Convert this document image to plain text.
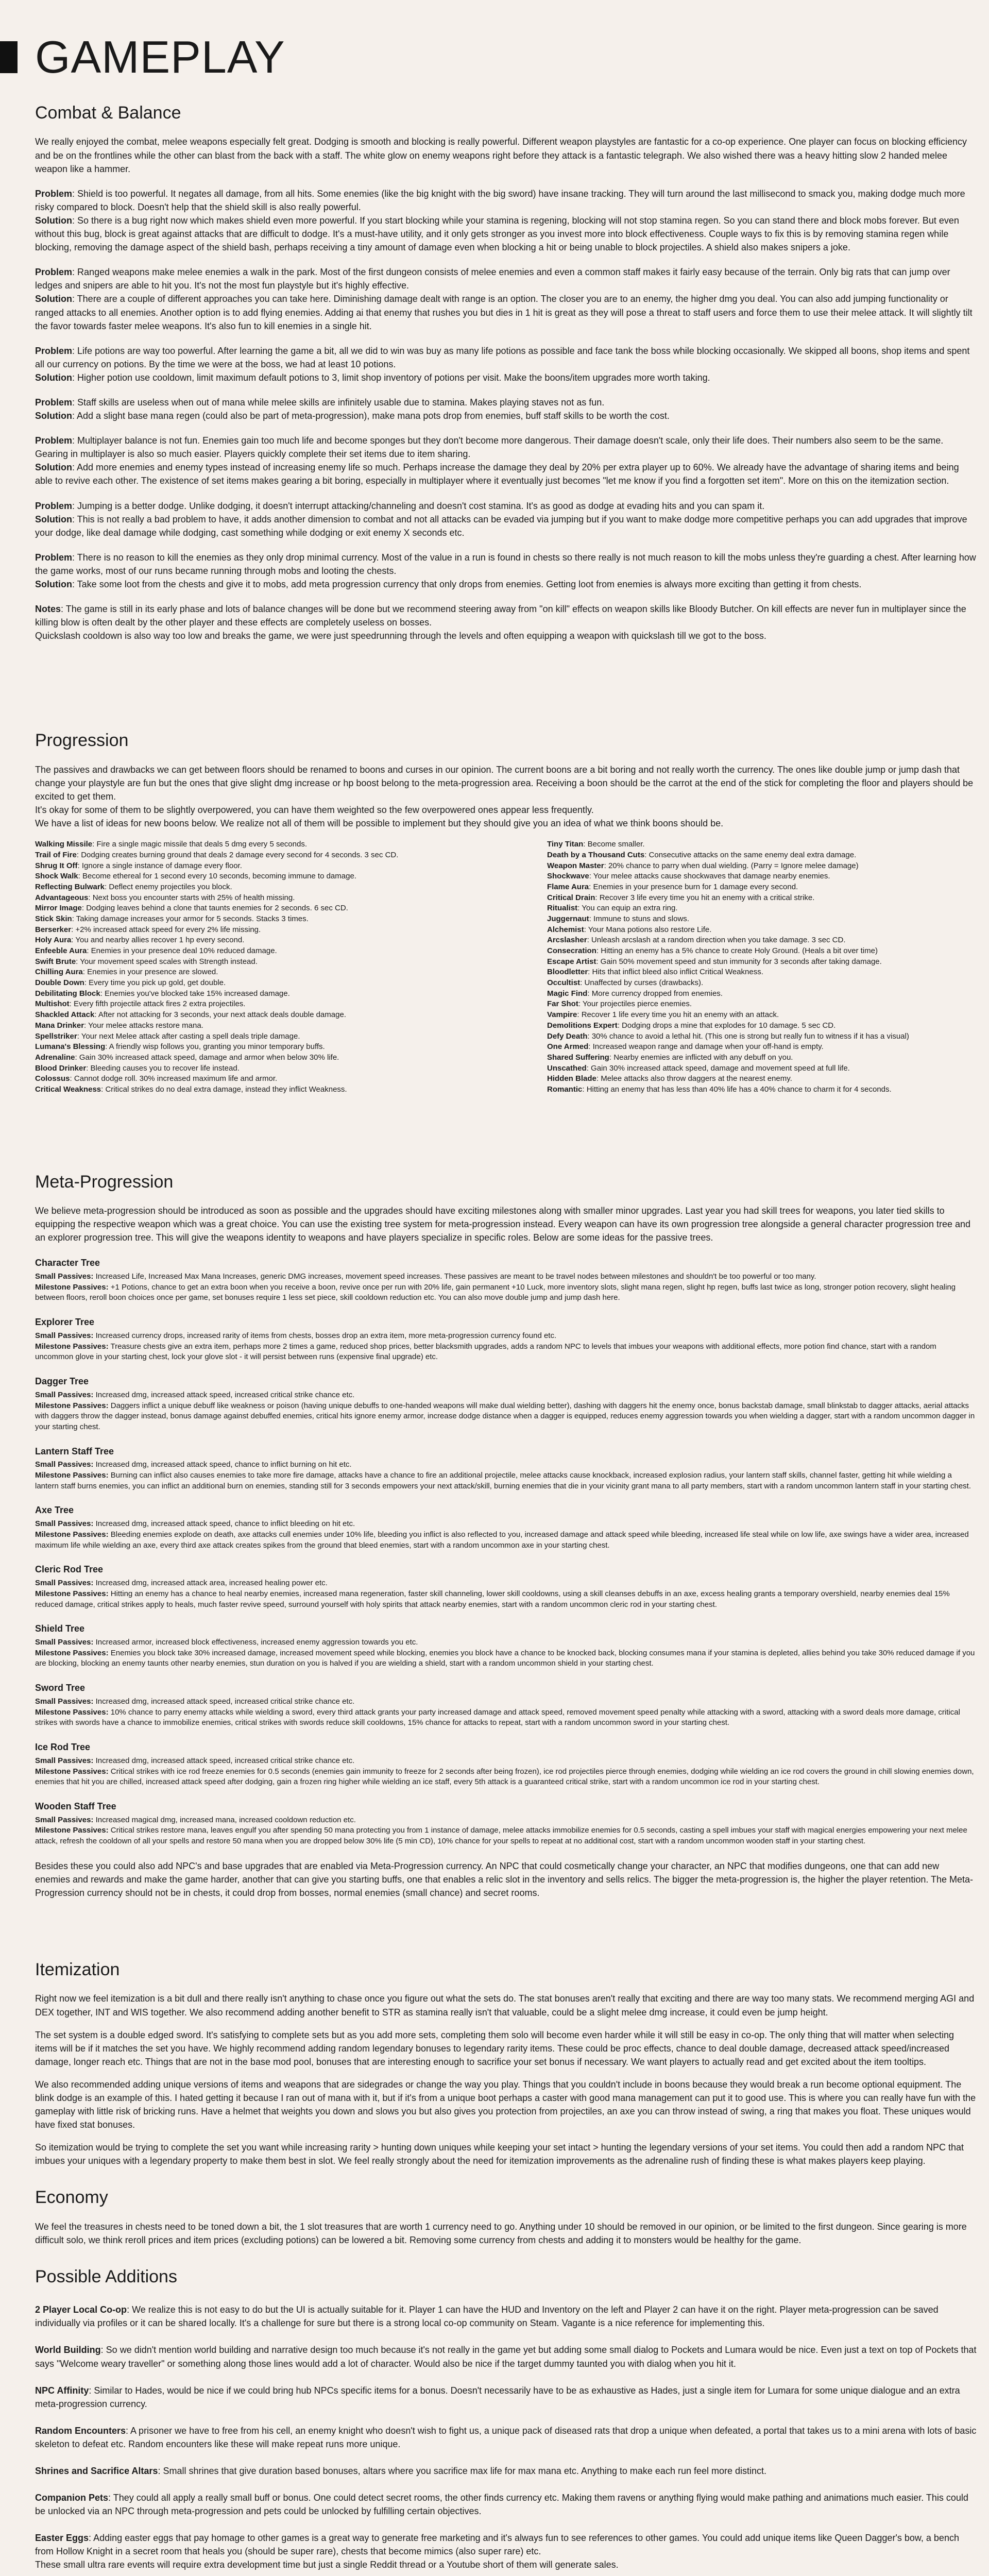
GAMEPLAY
Combat & Balance

We really enjoyed the combat, melee weapons especially felt great. Dodging is smooth and blocking is really powerful. Different weapon playstyles are fantastic for a co-op experience. One player can focus on blocking efficiency and be on the frontlines while the other can blast from the back with a staff. The white glow on enemy weapons right before they attack is a fantastic telegraph. We also wished there was a heavy hitting slow 2 handed melee weapon like a hammer.

Problem: Shield is too powerful. It negates all damage, from all hits. Some enemies (like the big knight with the big sword) have insane tracking. They will turn around the last millisecond to smack you, making dodge much more risky compared to block. Doesn't help that the shield skill is also really powerful.

Solution: So there is a bug right now which makes shield even more powerful. If you start blocking while your stamina is regening, blocking will not stop stamina regen. So you can stand there and block mobs forever. But even without this bug, block is great against attacks that are difficult to dodge. It's a must-have utility, and it only gets stronger as you invest more into block effectiveness. Couple ways to fix this is by removing stamina regen while blocking, removing the damage aspect of the shield bash, perhaps receiving a tiny amount of damage even when blocking a hit or being unable to block projectiles. A shield also makes snipers a joke.

Problem: Ranged weapons make melee enemies a walk in the park. Most of the first dungeon consists of melee enemies and even a common staff makes it fairly easy because of the terrain. Only big rats that can jump over ledges and snipers are able to hit you. It's not the most fun playstyle but it's highly effective.

Solution: There are a couple of different approaches you can take here. Diminishing damage dealt with range is an option. The closer you are to an enemy, the higher dmg you deal. You can also add jumping functionality or ranged attacks to all enemies. Another option is to add flying enemies. Adding ai that enemy that rushes you but dies in 1 hit is great as they will pose a threat to staff users and force them to use their melee attack. It will slightly tilt the favor towards faster melee weapons. It's also fun to kill enemies in a single hit.

Problem: Life potions are way too powerful. After learning the game a bit, all we did to win was buy as many life potions as possible and face tank the boss while blocking occasionally. We skipped all boons, shop items and spent all our currency on potions. By the time we were at the boss, we had at least 10 potions.

Solution: Higher potion use cooldown, limit maximum default potions to 3, limit shop inventory of potions per visit. Make the boons/item upgrades more worth taking.

Problem: Staff skills are useless when out of mana while melee skills are infinitely usable due to stamina. Makes playing staves not as fun.

Solution: Add a slight base mana regen (could also be part of meta-progression), make mana pots drop from enemies, buff staff skills to be worth the cost.

Problem: Multiplayer balance is not fun. Enemies gain too much life and become sponges but they don't become more dangerous. Their damage doesn't scale, only their life does. Their numbers also seem to be the same. Gearing in multiplayer is also so much easier. Players quickly complete their set items due to item sharing.

Solution: Add more enemies and enemy types instead of increasing enemy life so much. Perhaps increase the damage they deal by 20% per extra player up to 60%. We already have the advantage of sharing items and being able to revive each other. The existence of set items makes gearing a bit boring, especially in multiplayer where it eventually just becomes "let me know if you find a forgotten set item". More on this on the itemization section.

Problem: Jumping is a better dodge. Unlike dodging, it doesn't interrupt attacking/channeling and doesn't cost stamina. It's as good as dodge at evading hits and you can spam it.

Solution: This is not really a bad problem to have, it adds another dimension to combat and not all attacks can be evaded via jumping but if you want to make dodge more competitive perhaps you can add upgrades that improve your dodge, like deal damage while dodging, cast something while dodging or exit enemy X seconds etc.

Problem: There is no reason to kill the enemies as they only drop minimal currency. Most of the value in a run is found in chests so there really is not much reason to kill the mobs unless they're guarding a chest. After learning how the game works, most of our runs became running through mobs and looting the chests.

Solution: Take some loot from the chests and give it to mobs, add meta progression currency that only drops from enemies. Getting loot from enemies is always more exciting than getting it from chests.

Notes: The game is still in its early phase and lots of balance changes will be done but we recommend steering away from "on kill" effects on weapon skills like Bloody Butcher. On kill effects are never fun in multiplayer since the killing blow is often dealt by the other player and these effects are completely useless on bosses.

Quickslash cooldown is also way too low and breaks the game, we were just speedrunning through the levels and often equipping a weapon with quickslash till we got to the boss.

Progression

The passives and drawbacks we can get between floors should be renamed to boons and curses in our opinion. The current boons are a bit boring and not really worth the currency. The ones like double jump or jump dash that change your playstyle are fun but the ones that give slight dmg increase or hp boost belong to the meta-progression area. Receiving a boon should be the carrot at the end of the stick for completing the floor and players should be excited to get them.

It's okay for some of them to be slightly overpowered, you can have them weighted so the few overpowered ones appear less frequently.

We have a list of ideas for new boons below. We realize not all of them will be possible to implement but they should give you an idea of what we think boons should be.

Walking Missile: Fire a single magic missile that deals 5 dmg every 5 seconds.
Trail of Fire: Dodging creates burning ground that deals 2 damage every second for 4 seconds. 3 sec CD.
Shrug It Off: Ignore a single instance of damage every floor.
Shock Walk: Become ethereal for 1 second every 10 seconds, becoming immune to damage.
Reflecting Bulwark: Deflect enemy projectiles you block.
Advantageous: Next boss you encounter starts with 25% of health missing.
Mirror Image: Dodging leaves behind a clone that taunts enemies for 2 seconds. 6 sec CD.
Stick Skin: Taking damage increases your armor for 5 seconds. Stacks 3 times.
Berserker: +2% increased attack speed for every 2% life missing.
Holy Aura: You and nearby allies recover 1 hp every second.
Enfeeble Aura: Enemies in your presence deal 10% reduced damage.
Swift Brute: Your movement speed scales with Strength instead.
Chilling Aura: Enemies in your presence are slowed.
Double Down: Every time you pick up gold, get double.
Debilitating Block: Enemies you've blocked take 15% increased damage.
Multishot: Every fifth projectile attack fires 2 extra projectiles.
Shackled Attack: After not attacking for 3 seconds, your next attack deals double damage.
Mana Drinker: Your melee attacks restore mana.
Spellstriker: Your next Melee attack after casting a spell deals triple damage.
Lumana's Blessing: A friendly wisp follows you, granting you minor temporary buffs.
Adrenaline: Gain 30% increased attack speed, damage and armor when below 30% life.
Blood Drinker: Bleeding causes you to recover life instead.
Colossus: Cannot dodge roll. 30% increased maximum life and armor.
Critical Weakness: Critical strikes do no deal extra damage, instead they inflict Weakness.
Tiny Titan: Become smaller.
Death by a Thousand Cuts: Consecutive attacks on the same enemy deal extra damage.
Weapon Master: 20% chance to parry when dual wielding. (Parry = Ignore melee damage)
Shockwave: Your melee attacks cause shockwaves that damage nearby enemies.
Flame Aura: Enemies in your presence burn for 1 damage every second.
Critical Drain: Recover 3 life every time you hit an enemy with a critical strike.
Ritualist: You can equip an extra ring.
Juggernaut: Immune to stuns and slows.
Alchemist: Your Mana potions also restore Life.
Arcslasher: Unleash arcslash at a random direction when you take damage. 3 sec CD.
Consecration: Hitting an enemy has a 5% chance to create Holy Ground. (Heals a bit over time)
Escape Artist: Gain 50% movement speed and stun immunity for 3 seconds after taking damage.
Bloodletter: Hits that inflict bleed also inflict Critical Weakness.
Occultist: Unaffected by curses (drawbacks).
Magic Find: More currency dropped from enemies.
Far Shot: Your projectiles pierce enemies.
Vampire: Recover 1 life every time you hit an enemy with an attack.
Demolitions Expert: Dodging drops a mine that explodes for 10 damage. 5 sec CD.
Defy Death: 30% chance to avoid a lethal hit. (This one is strong but really fun to witness if it has a visual)
One Armed: Increased weapon range and damage when your off-hand is empty.
Shared Suffering: Nearby enemies are inflicted with any debuff on you.
Unscathed: Gain 30% increased attack speed, damage and movement speed at full life.
Hidden Blade: Melee attacks also throw daggers at the nearest enemy.
Romantic: Hitting an enemy that has less than 40% life has a 40% chance to charm it for 4 seconds.
Meta-Progression

We believe meta-progression should be introduced as soon as possible and the upgrades should have exciting milestones along with smaller minor upgrades. Last year you had skill trees for weapons, you later tied skills to equipping the respective weapon which was a great choice. You can use the existing tree system for meta-progression instead. Every weapon can have its own progression tree alongside a general character progression tree and an explorer progression tree. This will give the weapons identity to weapons and have players specialize in specific roles. Below are some ideas for the passive trees.

Character Tree
Small Passives: Increased Life, Increased Max Mana Increases, generic DMG increases, movement speed increases. These passives are meant to be travel nodes between milestones and shouldn't be too powerful or too many.
Milestone Passives: +1 Potions, chance to get an extra boon when you receive a boon, revive once per run with 20% life, gain permanent +10 Luck, more inventory slots, slight mana regen, slight hp regen, buffs last twice as long, stronger potion recovery, slight healing between floors, reroll boon choices once per game, set bonuses require 1 less set piece, skill cooldown reduction etc. You can also move double jump and jump dash here.
Explorer Tree
Small Passives: Increased currency drops, increased rarity of items from chests, bosses drop an extra item, more meta-progression currency found etc.
Milestone Passives: Treasure chests give an extra item, perhaps more 2 times a game, reduced shop prices, better blacksmith upgrades, adds a random NPC to levels that imbues your weapons with additional effects, more potion find chance, start with a random uncommon glove in your starting chest, lock your glove slot - it will persist between runs (expensive final upgrade) etc.
Dagger Tree
Small Passives: Increased dmg, increased attack speed, increased critical strike chance etc.
Milestone Passives: Daggers inflict a unique debuff like weakness or poison (having unique debuffs to one-handed weapons will make dual wielding better), dashing with daggers hit the enemy once, bonus backstab damage, small blinkstab to dagger attacks, aerial attacks with daggers throw the dagger instead, bonus damage against debuffed enemies, critical hits ignore enemy armor, increase dodge distance when a dagger is equipped, reduces enemy aggression towards you when wielding a dagger, start with a random uncommon dagger in your starting chest.
Lantern Staff Tree
Small Passives: Increased dmg, increased attack speed, chance to inflict burning on hit etc.
Milestone Passives: Burning can inflict also causes enemies to take more fire damage, attacks have a chance to fire an additional projectile, melee attacks cause knockback, increased explosion radius, your lantern staff skills, channel faster, getting hit while wielding a lantern staff burns enemies, you can inflict an additional burn on enemies, standing still for 3 seconds empowers your next attack/skill, burning enemies that die in your vicinity grant mana to all party members, start with a random uncommon lantern staff in your starting chest.
Axe Tree
Small Passives: Increased dmg, increased attack speed, chance to inflict bleeding on hit etc.
Milestone Passives: Bleeding enemies explode on death, axe attacks cull enemies under 10% life, bleeding you inflict is also reflected to you, increased damage and attack speed while bleeding, increased life steal while on low life, axe swings have a wider area, increased maximum life while wielding an axe, every third axe attack creates spikes from the ground that bleed enemies, start with a random uncommon axe in your starting chest.
Cleric Rod Tree
Small Passives: Increased dmg, increased attack area, increased healing power etc.
Milestone Passives: Hitting an enemy has a chance to heal nearby enemies, increased mana regeneration, faster skill channeling, lower skill cooldowns, using a skill cleanses debuffs in an axe, excess healing grants a temporary overshield, nearby enemies deal 15% reduced damage, critical strikes apply to heals, much faster revive speed, surround yourself with holy spirits that attack nearby enemies, start with a random uncommon cleric rod in your starting chest.
Shield Tree
Small Passives: Increased armor, increased block effectiveness, increased enemy aggression towards you etc.
Milestone Passives: Enemies you block take 30% increased damage, increased movement speed while blocking, enemies you block have a chance to be knocked back, blocking consumes mana if your stamina is depleted, allies behind you take 30% reduced damage if you are blocking, blocking an enemy taunts other nearby enemies, stun duration on you is halved if you are wielding a shield, start with a random uncommon shield in your starting chest.
Sword Tree
Small Passives: Increased dmg, increased attack speed, increased critical strike chance etc.
Milestone Passives: 10% chance to parry enemy attacks while wielding a sword, every third attack grants your party increased damage and attack speed, removed movement speed penalty while attacking with a sword, attacking with a sword deals more damage, critical strikes with swords have a chance to immobilize enemies, critical strikes with swords reduce skill cooldowns, 15% chance for attacks to repeat, start with a random uncommon sword in your starting chest.
Ice Rod Tree
Small Passives: Increased dmg, increased attack speed, increased critical strike chance etc.
Milestone Passives: Critical strikes with ice rod freeze enemies for 0.5 seconds (enemies gain immunity to freeze for 2 seconds after being frozen), ice rod projectiles pierce through enemies, dodging while wielding an ice rod covers the ground in chill slowing enemies down, enemies that hit you are chilled, increased attack speed after dodging, gain a frozen ring higher while wielding an ice staff, every 5th attack is a guaranteed critical strike, start with a random uncommon ice rod in your starting chest.
Wooden Staff Tree
Small Passives: Increased magical dmg, increased mana, increased cooldown reduction etc.
Milestone Passives: Critical strikes restore mana, leaves engulf you after spending 50 mana protecting you from 1 instance of damage, melee attacks immobilize enemies for 0.5 seconds, casting a spell imbues your staff with magical energies empowering your next melee attack, refresh the cooldown of all your spells and restore 50 mana when you are dropped below 30% life (5 min CD), 10% chance for your spells to repeat at no additional cost, start with a random uncommon wooden staff in your starting chest.

Besides these you could also add NPC's and base upgrades that are enabled via Meta-Progression currency. An NPC that could cosmetically change your character, an NPC that modifies dungeons, one that can add new enemies and rewards and make the game harder, another that can give you starting buffs, one that enables a relic slot in the inventory and sells relics. The bigger the meta-progression is, the higher the player retention. The Meta-Progression currency should not be in chests, it could drop from bosses, normal enemies (small chance) and secret rooms.

Itemization

Right now we feel itemization is a bit dull and there really isn't anything to chase once you figure out what the sets do. The stat bonuses aren't really that exciting and there are way too many stats. We recommend merging AGI and DEX together, INT and WIS together. We also recommend adding another benefit to STR as stamina really isn't that valuable, could be a slight melee dmg increase, it could even be jump height.

The set system is a double edged sword. It's satisfying to complete sets but as you add more sets, completing them solo will become even harder while it will still be easy in co-op. The only thing that will matter when selecting items will be if it matches the set you have. We highly recommend adding random legendary bonuses to legendary rarity items. These could be proc effects, chance to deal double damage, decreased attack speed/increased damage, longer reach etc. Things that are not in the base mod pool, bonuses that are interesting enough to sacrifice your set bonus if necessary. We want players to actually read and get excited about the item tooltips.

We also recommended adding unique versions of items and weapons that are sidegrades or change the way you play. Things that you couldn't include in boons because they would break a run become optional equipment. The blink dodge is an example of this. I hated getting it because I ran out of mana with it, but if it's from a unique boot perhaps a caster with good mana management can put it to good use. This is where you can really have fun with the gameplay with little risk of bricking runs. Have a helmet that weights you down and slows you but also gives you protection from projectiles, an axe you can throw instead of swing, a ring that makes you float. These uniques would have fixed stat bonuses.

So itemization would be trying to complete the set you want while increasing rarity > hunting down uniques while keeping your set intact > hunting the legendary versions of your set items. You could then add a random NPC that imbues your uniques with a legendary property to make them best in slot. We feel really strongly about the need for itemization improvements as the adrenaline rush of finding these is what makes players keep playing.

Economy

We feel the treasures in chests need to be toned down a bit, the 1 slot treasures that are worth 1 currency need to go. Anything under 10 should be removed in our opinion, or be limited to the first dungeon. Since gearing is more difficult solo, we think reroll prices and item prices (excluding potions) can be lowered a bit. Removing some currency from chests and adding it to monsters would be healthy for the game.

Possible Additions

2 Player Local Co-op: We realize this is not easy to do but the UI is actually suitable for it. Player 1 can have the HUD and Inventory on the left and Player 2 can have it on the right. Player meta-progression can be saved individually via profiles or it can be shared locally. It's a challenge for sure but there is a strong local co-op community on Steam. Vagante is a nice reference for implementing this.

World Building: So we didn't mention world building and narrative design too much because it's not really in the game yet but adding some small dialog to Pockets and Lumara would be nice. Even just a text on top of Pockets that says "Welcome weary traveller" or something along those lines would add a lot of character. Would also be nice if the target dummy taunted you with dialog when you hit it.

NPC Affinity: Similar to Hades, would be nice if we could bring hub NPCs specific items for a bonus. Doesn't necessarily have to be as exhaustive as Hades, just a single item for Lumara for some unique dialogue and an extra meta-progression currency.

Random Encounters: A prisoner we have to free from his cell, an enemy knight who doesn't wish to fight us, a unique pack of diseased rats that drop a unique when defeated, a portal that takes us to a mini arena with lots of basic skeleton to defeat etc. Random encounters like these will make repeat runs more unique.

Shrines and Sacrifice Altars: Small shrines that give duration based bonuses, altars where you sacrifice max life for max mana etc. Anything to make each run feel more distinct.

Companion Pets: They could all apply a really small buff or bonus. One could detect secret rooms, the other finds currency etc. Making them ravens or anything flying would make pathing and animations much easier. This could be unlocked via an NPC through meta-progression and pets could be unlocked by fulfilling certain objectives.

Easter Eggs: Adding easter eggs that pay homage to other games is a great way to generate free marketing and it's always fun to see references to other games. You could add unique items like Queen Dagger's bow, a bench from Hollow Knight in a secret room that heals you (should be super rare), chests that become mimics (also super rare) etc.

These small ultra rare events will require extra development time but just a single Reddit thread or a Youtube short of them will generate sales.
